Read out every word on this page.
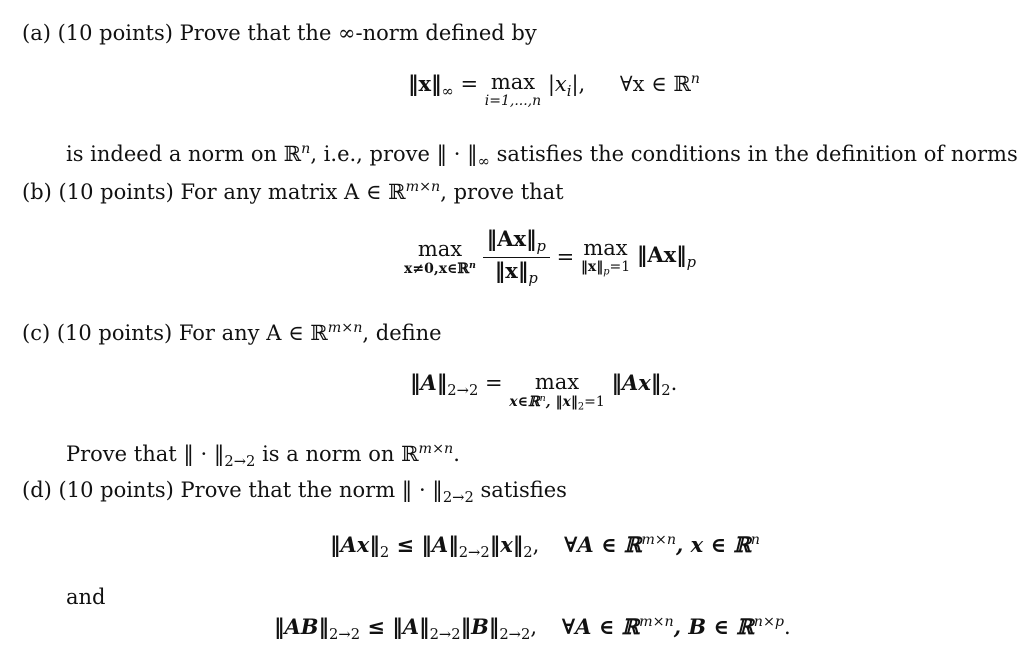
(a) (10 points) Prove that the ∞-norm defined by
$‖x‖_\infty = \max$
i=1,...,n
$|x_i|$, ∀x ∈ ℝ$^n$
is indeed a norm on ℝ$^n$, i.e., prove ‖ · $‖_\infty$ satisfies the conditions in the definition of norms
(b) (10 points) For any matrix A ∈ ℝ$^{m\times n}$, prove that
max
x≠0,x∈ℝ$^n$
$\frac{‖Ax‖_p}{‖x‖_p} = \max$
$‖x‖_p=1$ $‖Ax‖_p$
(c) (10 points) For any A ∈ ℝ$^{m\times n}$, define
$‖A‖_{2\to 2}$ =	max
x∈ℝ$^n$, $‖x‖_2=1$
$‖Ax‖_2$.
Prove that ‖ · $‖_{2\to 2}$ is a norm on ℝ$^{m\times n}$.
(d) (10 points) Prove that the norm ‖ · $‖_{2\to 2}$ satisfies
$‖Ax‖_2$ ≤ $‖A‖_{2\to 2}‖x‖_2$, ∀A ∈ ℝ$^{m\times n}$, x ∈ ℝ$^n$
and
$‖AB‖_{2\to 2}$ ≤ $‖A‖_{2\to 2}‖B‖_{2\to 2}$, ∀A ∈ ℝ$^{m\times n}$, B ∈ ℝ$^{n\times p}$.
